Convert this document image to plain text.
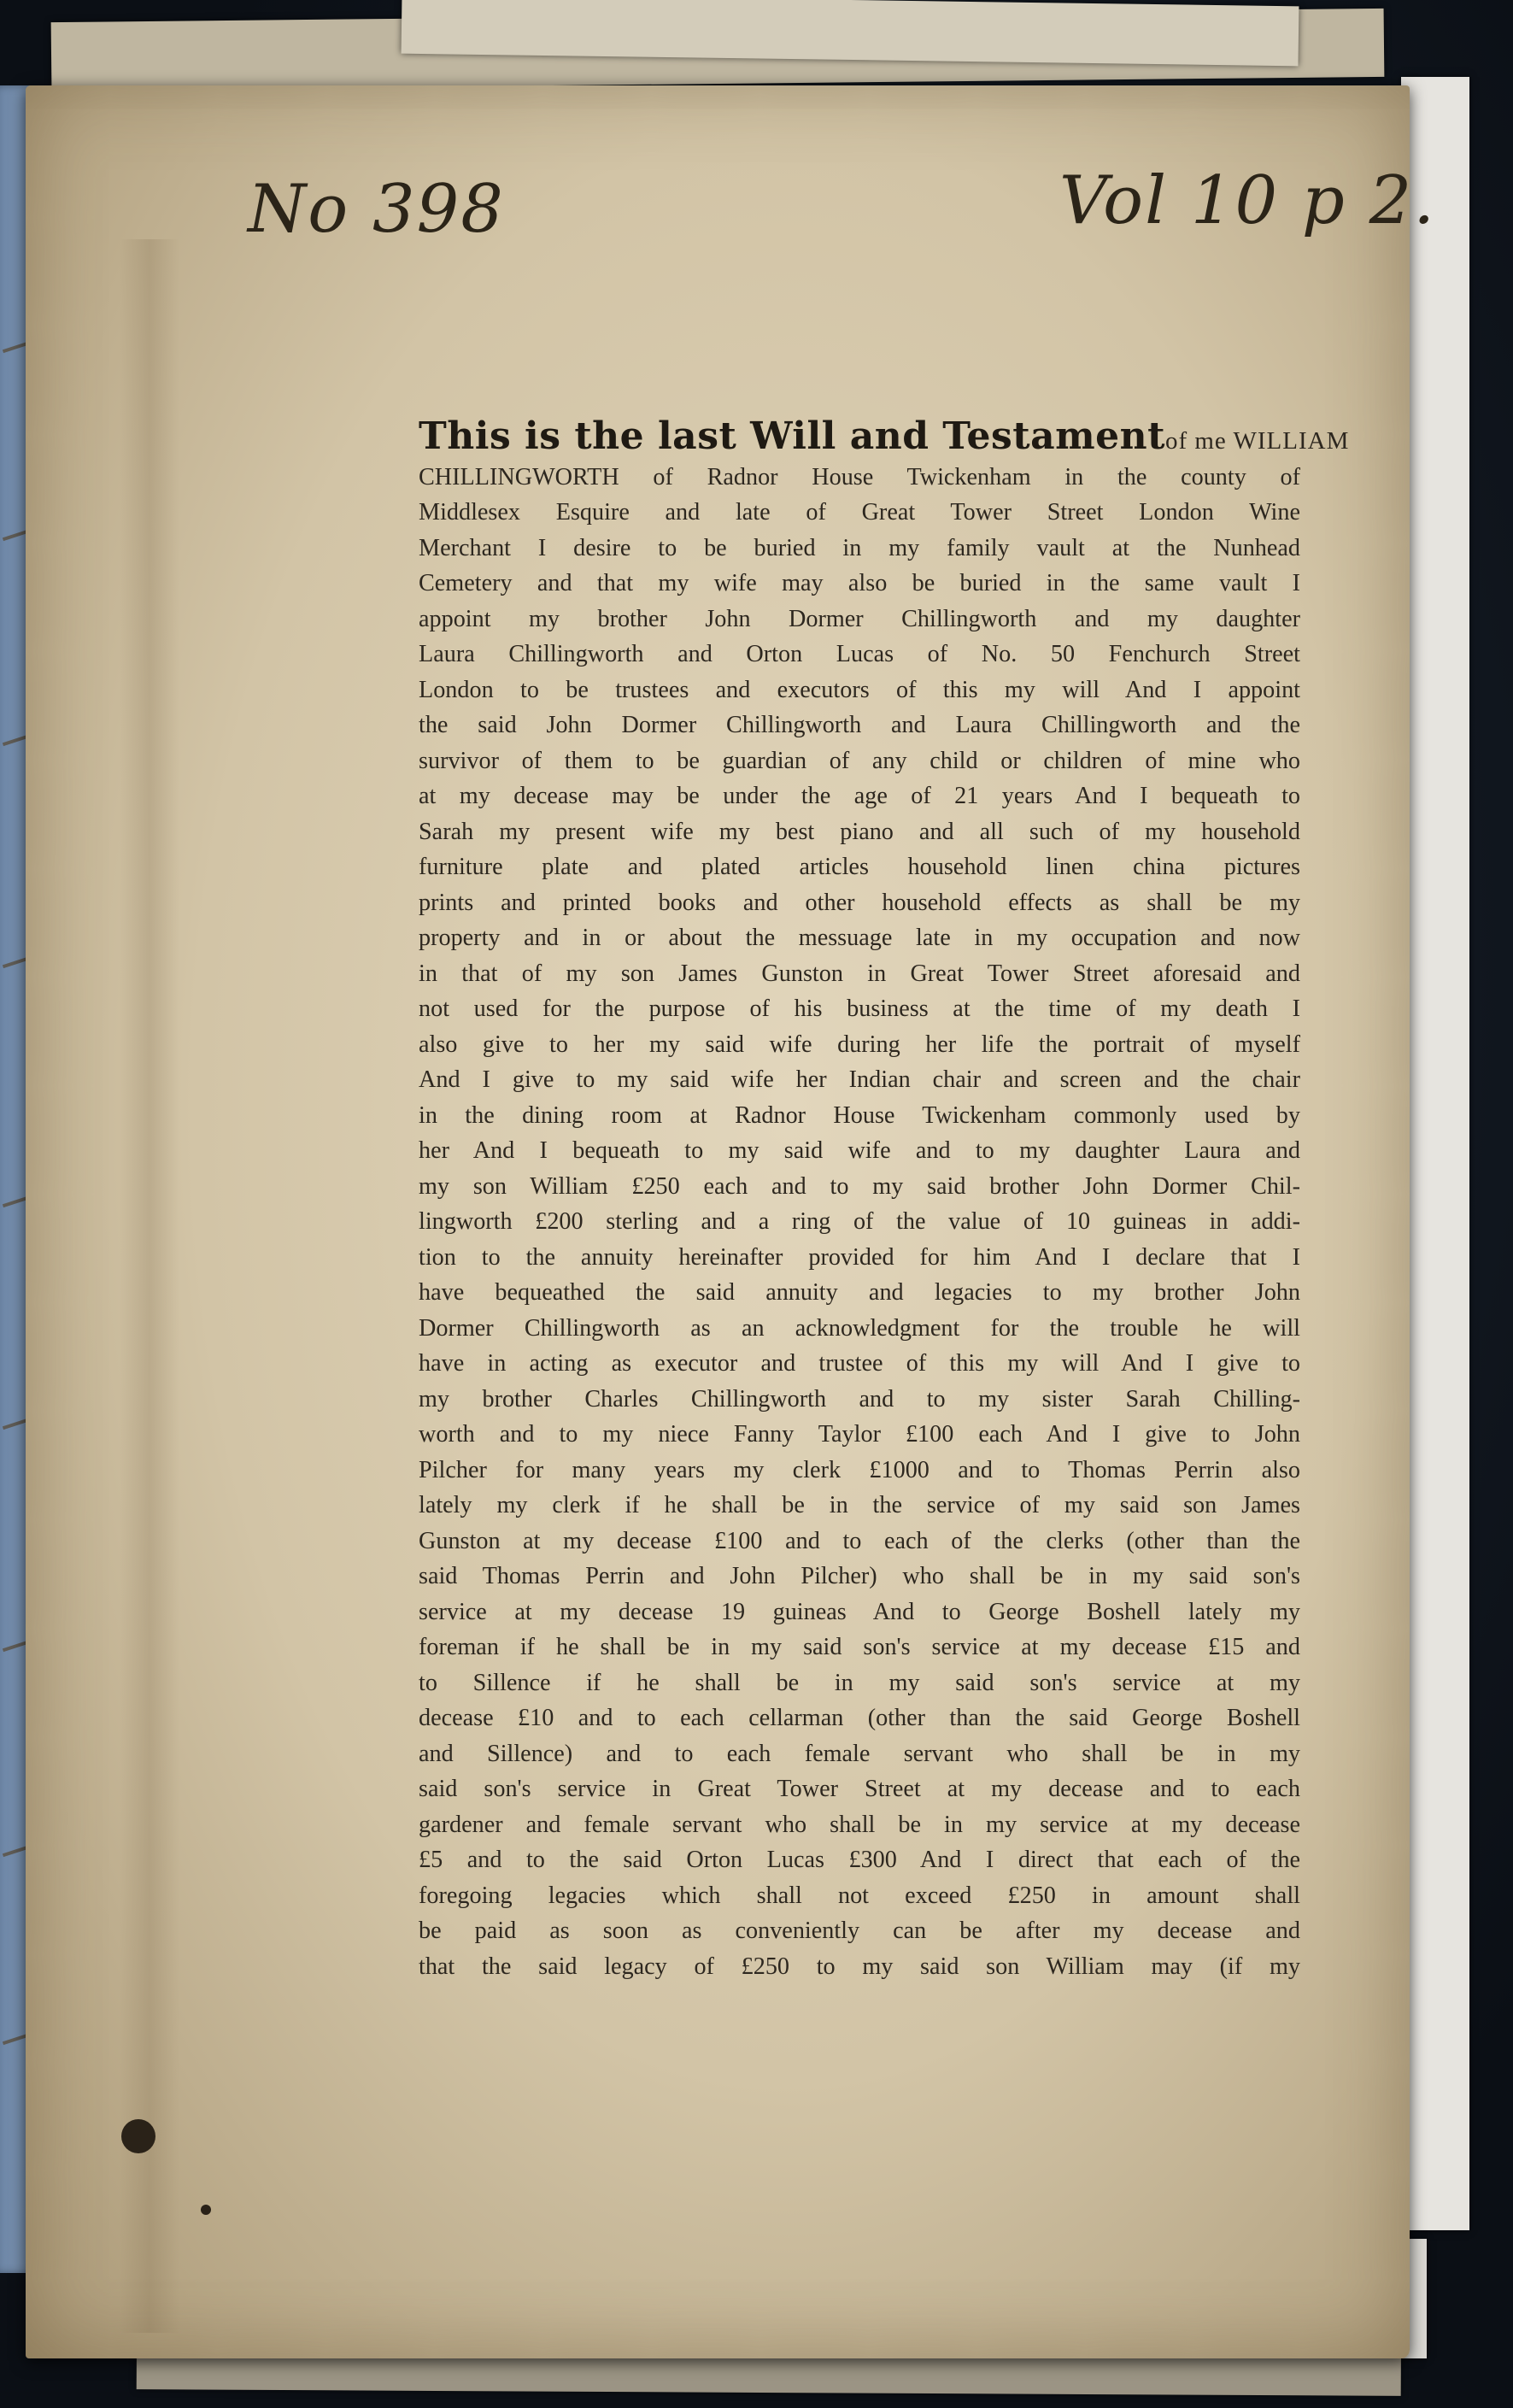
No 398	Vol 10 p 2.
This is the last Will and Testament of me WILLIAM
CHILLINGWORTH of Radnor House Twickenham in the county of
Middlesex Esquire and late of Great Tower Street London Wine
Merchant I desire to be buried in my family vault at the Nunhead
Cemetery and that my wife may also be buried in the same vault I
appoint my brother John Dormer Chillingworth and my daughter
Laura Chillingworth and Orton Lucas of No. 50 Fenchurch Street
London to be trustees and executors of this my will And I appoint
the said John Dormer Chillingworth and Laura Chillingworth and the
survivor of them to be guardian of any child or children of mine who
at my decease may be under the age of 21 years And I bequeath to
Sarah my present wife my best piano and all such of my household
furniture plate and plated articles household linen china pictures
prints and printed books and other household effects as shall be my
property and in or about the messuage late in my occupation and now
in that of my son James Gunston in Great Tower Street aforesaid and
not used for the purpose of his business at the time of my death I
also give to her my said wife during her life the portrait of myself
And I give to my said wife her Indian chair and screen and the chair
in the dining room at Radnor House Twickenham commonly used by
her And I bequeath to my said wife and to my daughter Laura and
my son William £250 each and to my said brother John Dormer Chil-
lingworth £200 sterling and a ring of the value of 10 guineas in addi-
tion to the annuity hereinafter provided for him And I declare that I
have bequeathed the said annuity and legacies to my brother John
Dormer Chillingworth as an acknowledgment for the trouble he will
have in acting as executor and trustee of this my will And I give to
my brother Charles Chillingworth and to my sister Sarah Chilling-
worth and to my niece Fanny Taylor £100 each And I give to John
Pilcher for many years my clerk £1000 and to Thomas Perrin also
lately my clerk if he shall be in the service of my said son James
Gunston at my decease £100 and to each of the clerks (other than the
said Thomas Perrin and John Pilcher) who shall be in my said son's
service at my decease 19 guineas And to George Boshell lately my
foreman if he shall be in my said son's service at my decease £15 and
to Sillence if he shall be in my said son's service at my
decease £10 and to each cellarman (other than the said George Boshell
and Sillence) and to each female servant who shall be in my
said son's service in Great Tower Street at my decease and to each
gardener and female servant who shall be in my service at my decease
£5 and to the said Orton Lucas £300 And I direct that each of the
foregoing legacies which shall not exceed £250 in amount shall
be paid as soon as conveniently can be after my decease and
that the said legacy of £250 to my said son William may (if my
